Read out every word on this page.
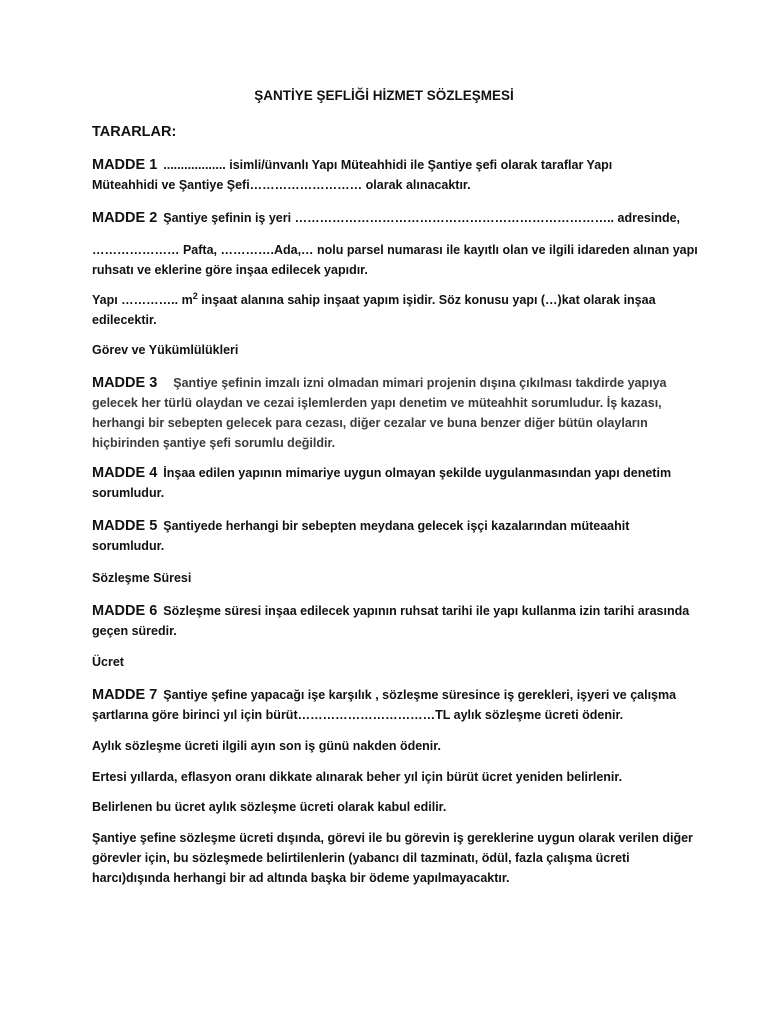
ŞANTİYE ŞEFLİĞİ HİZMET SÖZLEŞMESİ
TARARLAR:
MADDE 1 .................. isimli/ünvanlı Yapı Müteahhidi ile Şantiye şefi olarak taraflar Yapı
Müteahhidi ve Şantiye Şefi……………………… olarak alınacaktır.
MADDE 2 Şantiye şefinin iş yeri ………………………………………………………………….. adresinde,
………………… Pafta, ………….Ada,… nolu parsel numarası ile kayıtlı olan ve ilgili idareden alınan yapı
ruhsatı ve eklerine göre inşaa edilecek yapıdır.
Yapı ………….. $m^2$ inşaat alanına sahip inşaat yapım işidir. Söz konusu yapı (…)kat olarak inşaa
edilecektir.
Görev ve Yükümlülükleri
MADDE 3 Şantiye şefinin imzalı izni olmadan mimari projenin dışına çıkılması takdirde yapıya
gelecek her türlü olaydan ve cezai işlemlerden yapı denetim ve müteahhit sorumludur. İş kazası,
herhangi bir sebepten gelecek para cezası, diğer cezalar ve buna benzer diğer bütün olayların
hiçbirinden şantiye şefi sorumlu değildir.
MADDE 4 İnşaa edilen yapının mimariye uygun olmayan şekilde uygulanmasından yapı denetim
sorumludur.
MADDE 5 Şantiyede herhangi bir sebepten meydana gelecek işçi kazalarından müteaahit
sorumludur.
Sözleşme Süresi
MADDE 6 Sözleşme süresi inşaa edilecek yapının ruhsat tarihi ile yapı kullanma izin tarihi arasında
geçen süredir.
Ücret
MADDE 7 Şantiye şefine yapacağı işe karşılık , sözleşme süresince iş gerekleri, işyeri ve çalışma
şartlarına göre birinci yıl için bürüt……………………………TL aylık sözleşme ücreti ödenir.
Aylık sözleşme ücreti ilgili ayın son iş günü nakden ödenir.
Ertesi yıllarda, eflasyon oranı dikkate alınarak beher yıl için bürüt ücret yeniden belirlenir.
Belirlenen bu ücret aylık sözleşme ücreti olarak kabul edilir.
Şantiye şefine sözleşme ücreti dışında, görevi ile bu görevin iş gereklerine uygun olarak verilen diğer
görevler için, bu sözleşmede belirtilenlerin (yabancı dil tazminatı, ödül, fazla çalışma ücreti
harcı)dışında herhangi bir ad altında başka bir ödeme yapılmayacaktır.
